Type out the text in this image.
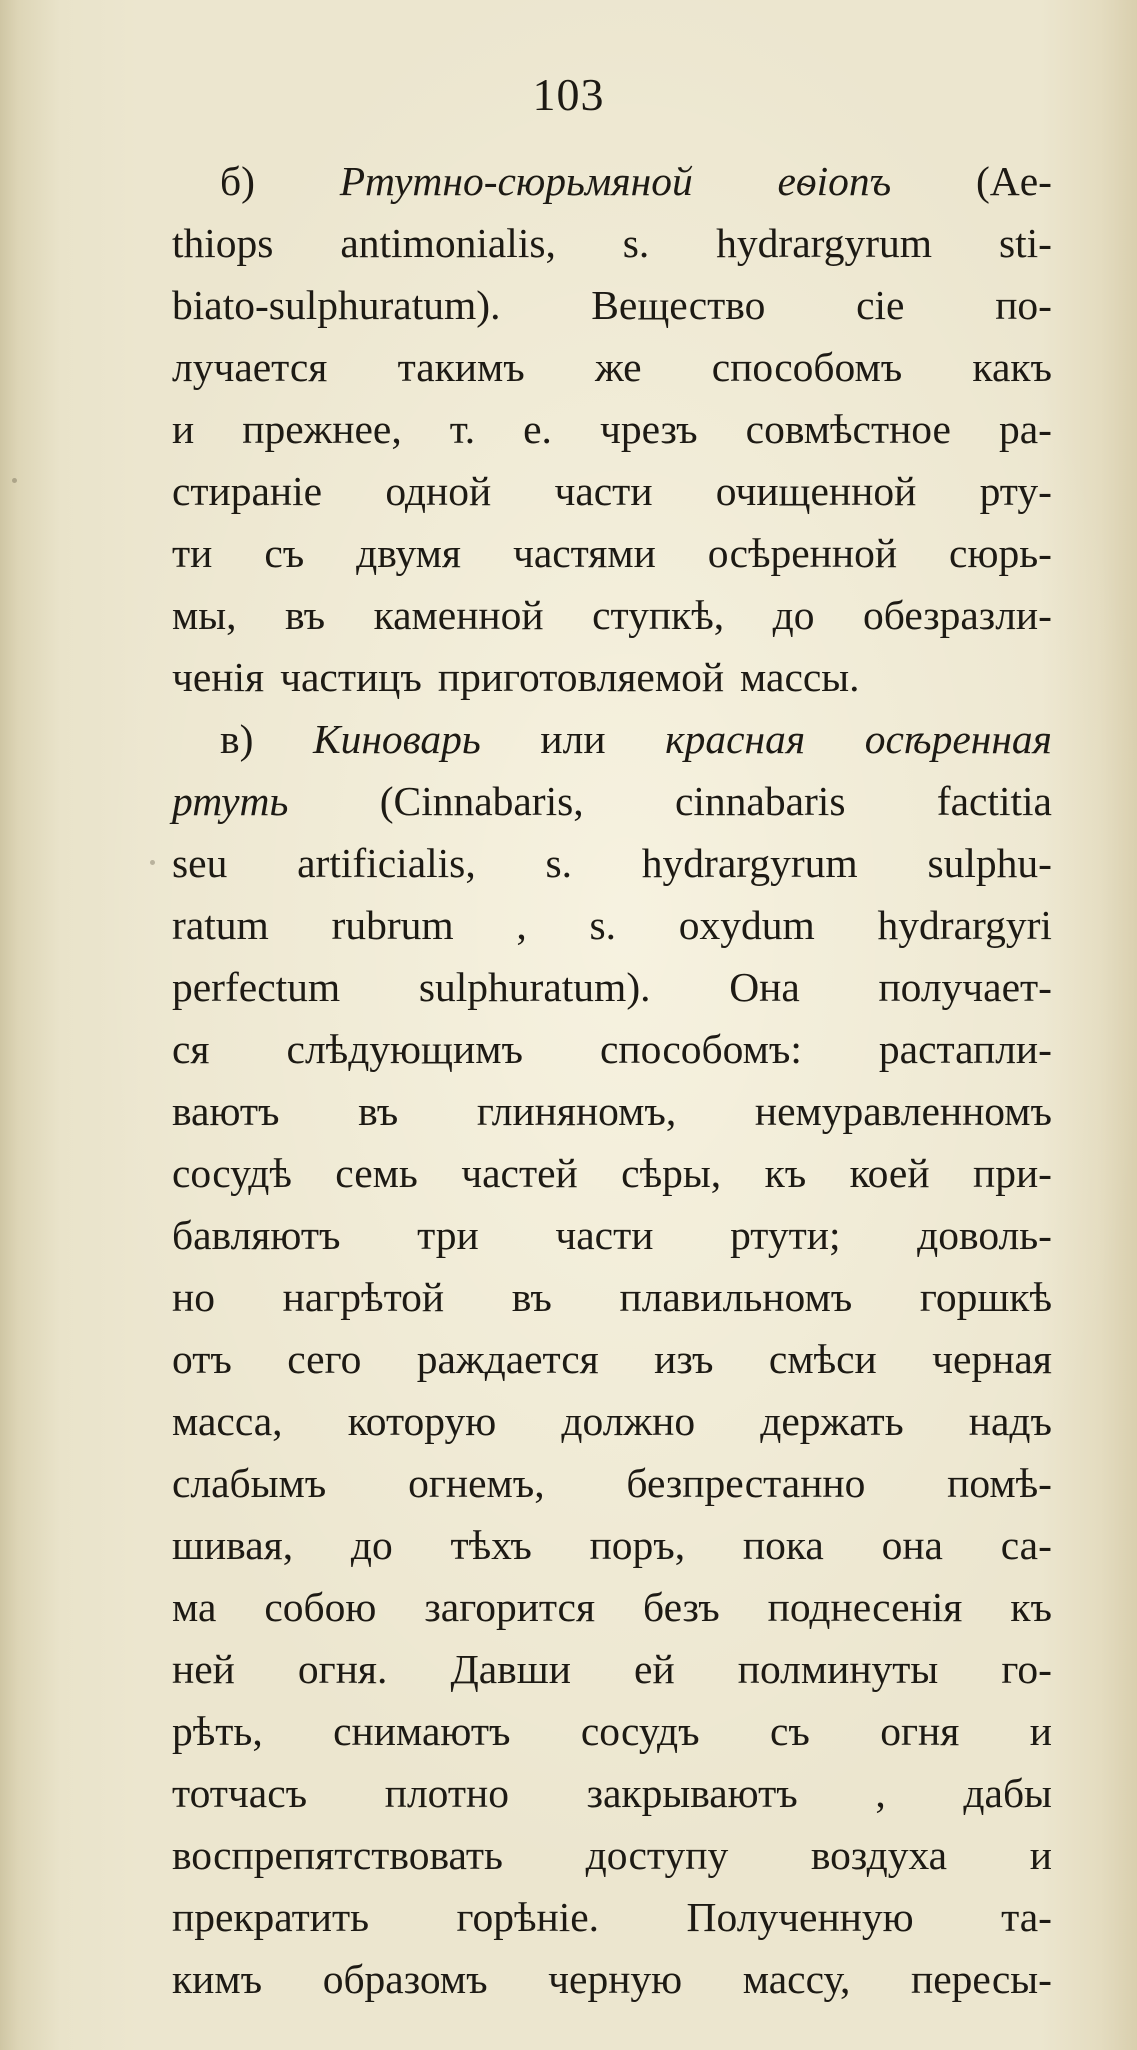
103
б) Ртутно-сюрьмяной еѳіопъ (Ae-
thiops antimonialis, s. hydrargyrum sti-
biato-sulphuratum). Вещество сіе по-
лучается такимъ же способомъ какъ
и прежнее, т. е. чрезъ совмѣстное ра-
стираніе одной части очищенной рту-
ти съ двумя частями осѣренной сюрь-
мы, въ каменной ступкѣ, до обезразли-
ченія частицъ приготовляемой массы.
в) Киноварь или красная осѣренная
ртуть (Cinnabaris, cinnabaris factitia
seu artificialis, s. hydrargyrum sulphu-
ratum rubrum , s. oxydum hydrargyri
perfectum sulphuratum). Она получает-
ся слѣдующимъ способомъ: растапли-
ваютъ въ глиняномъ, немуравленномъ
сосудѣ семь частей сѣры, къ коей при-
бавляютъ три части ртути; доволь-
но нагрѣтой въ плавильномъ горшкѣ
отъ сего раждается изъ смѣси черная
масса, которую должно держать надъ
слабымъ огнемъ, безпрестанно помѣ-
шивая, до тѣхъ поръ, пока она са-
ма собою загорится безъ поднесенія къ
ней огня. Давши ей полминуты го-
рѣть, снимаютъ сосудъ съ огня и
тотчасъ плотно закрываютъ , дабы
воспрепятствовать доступу воздуха и
прекратить горѣніе. Полученную та-
кимъ образомъ черную массу, пересы-
